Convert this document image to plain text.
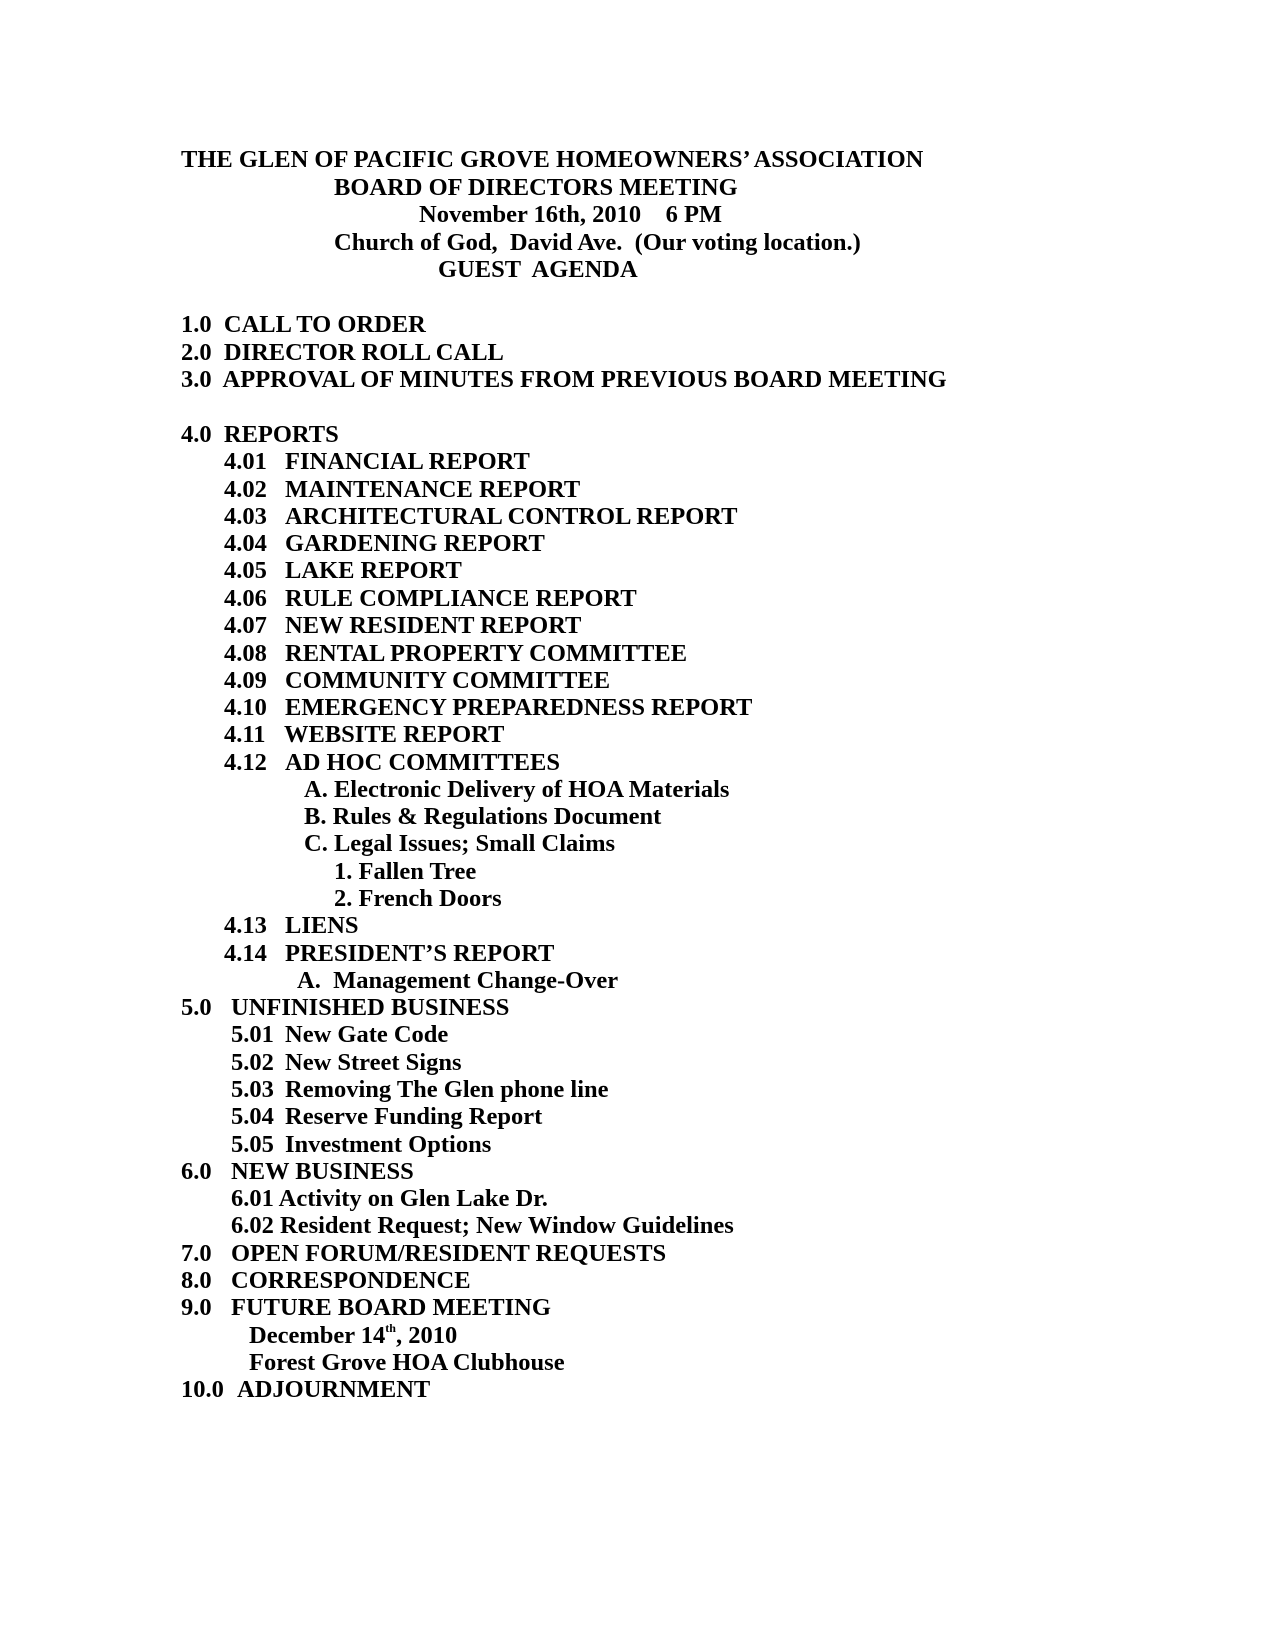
THE GLEN OF PACIFIC GROVE HOMEOWNERS’ ASSOCIATION
BOARD OF DIRECTORS MEETING
November 16th, 2010    6 PM
Church of God,  David Ave.  (Our voting location.)
GUEST  AGENDA
1.0 CALL TO ORDER
2.0 DIRECTOR ROLL CALL
3.0 APPROVAL OF MINUTES FROM PREVIOUS BOARD MEETING
4.0 REPORTS
4.01 FINANCIAL REPORT
4.02 MAINTENANCE REPORT
4.03 ARCHITECTURAL CONTROL REPORT
4.04 GARDENING REPORT
4.05 LAKE REPORT
4.06 RULE COMPLIANCE REPORT
4.07 NEW RESIDENT REPORT
4.08 RENTAL PROPERTY COMMITTEE
4.09 COMMUNITY COMMITTEE
4.10 EMERGENCY PREPAREDNESS REPORT
4.11 WEBSITE REPORT
4.12 AD HOC COMMITTEES
A. Electronic Delivery of HOA Materials
B. Rules & Regulations Document
C. Legal Issues; Small Claims
1. Fallen Tree
2. French Doors
4.13 LIENS
4.14 PRESIDENT’S REPORT
A.  Management Change-Over
5.0 UNFINISHED BUSINESS
5.01 New Gate Code
5.02 New Street Signs
5.03 Removing The Glen phone line
5.04 Reserve Funding Report
5.05 Investment Options
6.0 NEW BUSINESS
6.01 Activity on Glen Lake Dr.
6.02 Resident Request; New Window Guidelines
7.0 OPEN FORUM/RESIDENT REQUESTS
8.0 CORRESPONDENCE
9.0 FUTURE BOARD MEETING
December 14th, 2010
Forest Grove HOA Clubhouse
10.0 ADJOURNMENT
